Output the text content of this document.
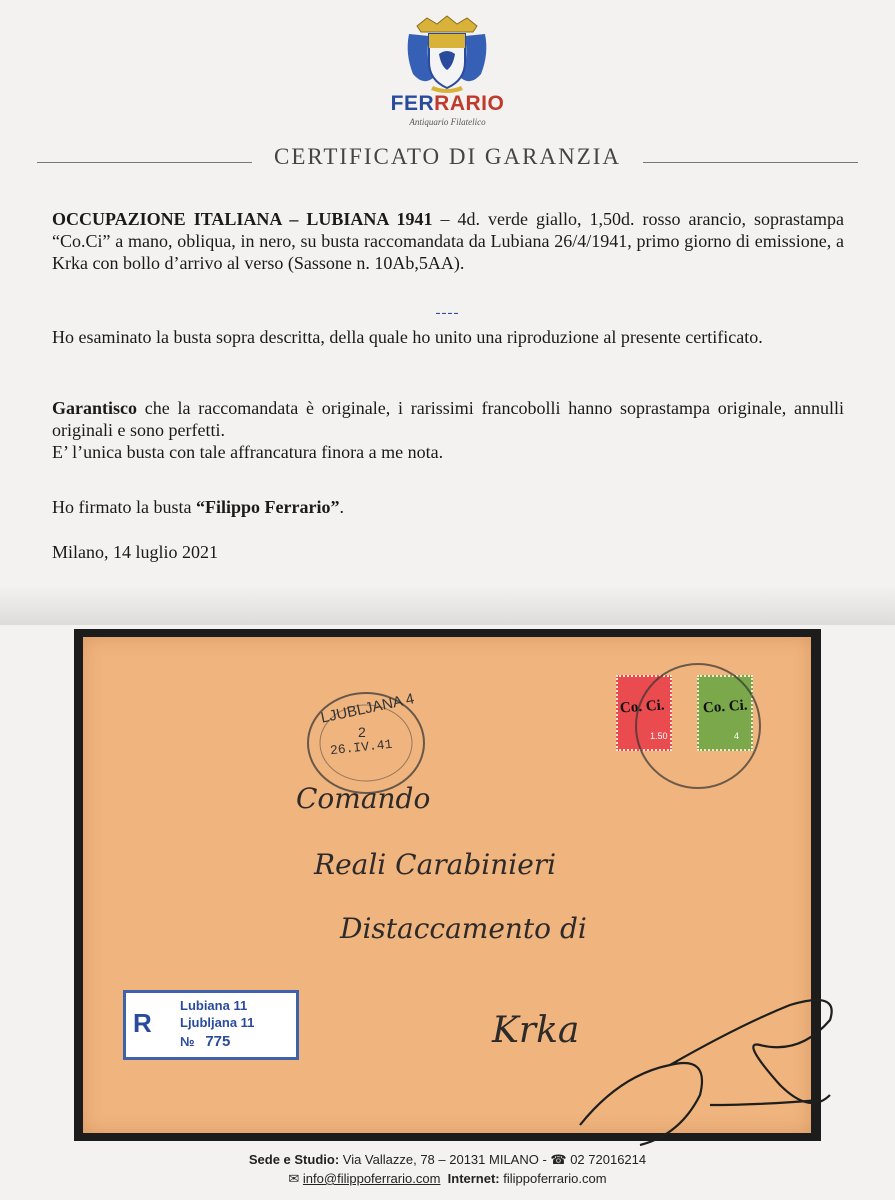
FERRARIO
Antiquario Filatelico
CERTIFICATO DI GARANZIA
OCCUPAZIONE ITALIANA – LUBIANA 1941 – 4d. verde giallo, 1,50d. rosso arancio, soprastampa “Co.Ci” a mano, obliqua, in nero, su busta raccomandata da Lubiana 26/4/1941, primo giorno di emissione, a Krka con bollo d’arrivo al verso (Sassone n. 10Ab,5AA).
----
Ho esaminato la busta sopra descritta, della quale ho unito una riproduzione al presente certificato.
Garantisco che la raccomandata è originale, i rarissimi francobolli hanno soprastampa originale, annulli originali e sono perfetti.
E’ l’unica busta con tale affrancatura finora a me nota.
Ho firmato la busta “Filippo Ferrario”.
Milano, 14 luglio 2021
LJUBLJANA 4
2
26.IV.41
1.50	4
Co. Ci. Co. Ci.
Comando
Reali Carabinieri
Distaccamento di
Krka
R
Lubiana 11
Ljubljana 11
№ 775
Sede e Studio: Via Vallazze, 78 – 20131 MILANO - ☎ 02 72016214
✉ info@filippoferrario.com Internet: filippoferrario.com
